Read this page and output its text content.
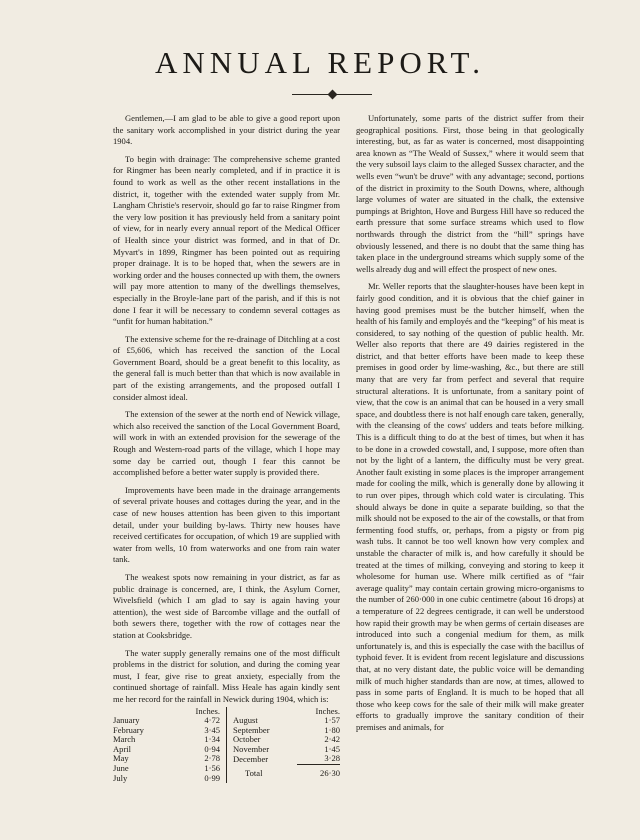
ANNUAL REPORT.

Gentlemen,—I am glad to be able to give a good report upon the sanitary work accomplished in your district during the year 1904.

To begin with drainage: The comprehensive scheme granted for Ringmer has been nearly completed, and if in practice it is found to work as well as the other recent installations in the district, it, together with the extended water supply from Mr. Langham Christie's reservoir, should go far to raise Ringmer from the very low position it has previously held from a sanitary point of view, for in nearly every annual report of the Medical Officer of Health since your district was formed, and in that of Dr. Myvart's in 1899, Ringmer has been pointed out as requiring proper drainage. It is to be hoped that, when the sewers are in working order and the houses connected up with them, the owners will pay more attention to many of the dwellings themselves, especially in the Broyle-lane part of the parish, and if this is not done I fear it will be necessary to condemn several cottages as “unfit for human habitation.”

The extensive scheme for the re-drainage of Ditchling at a cost of £5,606, which has received the sanction of the Local Government Board, should be a great benefit to this locality, as the general fall is much better than that which is now available in part of the existing arrangements, and the proposed outfall I consider almost ideal.

The extension of the sewer at the north end of Newick village, which also received the sanction of the Local Government Board, will work in with an extended provision for the sewerage of the Rough and Western-road parts of the village, which I hope may some day be carried out, though I fear this cannot be accomplished before a better water supply is provided there.

Improvements have been made in the drainage arrangements of several private houses and cottages during the year, and in the case of new houses attention has been given to this important detail, under your building by-laws. Thirty new houses have received certificates for occupation, of which 19 are supplied with water from wells, 10 from waterworks and one from rain water tank.

The weakest spots now remaining in your district, as far as public drainage is concerned, are, I think, the Asylum Corner, Wivelsfield (which I am glad to say is again having your attention), the west side of Barcombe village and the outfall of both sewers there, together with the row of cottages near the station at Cooksbridge.

The water supply generally remains one of the most difficult problems in the district for solution, and during the coming year must, I fear, give rise to great anxiety, especially from the continued shortage of rainfall. Miss Heale has again kindly sent me her record for the rainfall in Newick during 1904, which is:

	Inches.
January	4·72
February	3·45
March	1·34
April	0·94
May	2·78
June	1·56
July	0·99
	Inches.
August	1·57
September	1·80
October	2·42
November	1·45
December	3·28

Total	26·30

Unfortunately, some parts of the district suffer from their geographical positions. First, those being in that geologically interesting, but, as far as water is concerned, most disappointing area known as “The Weald of Sussex,” where it would seem that the very subsoil lays claim to the alleged Sussex character, and the wells even “wun't be druve” with any advantage; second, portions of the district in proximity to the South Downs, where, although large volumes of water are situated in the chalk, the extensive pumpings at Brighton, Hove and Burgess Hill have so reduced the earth pressure that some surface streams which used to flow northwards through the district from the “hill” springs have obviously lessened, and there is no doubt that the same thing has taken place in the underground streams which supply some of the wells already dug and will effect the prospect of new ones.

Mr. Weller reports that the slaughter-houses have been kept in fairly good condition, and it is obvious that the chief gainer in having good premises must be the butcher himself, when the health of his family and employés and the “keeping” of his meat is considered, to say nothing of the question of public health. Mr. Weller also reports that there are 49 dairies registered in the district, and that better efforts have been made to keep these premises in good order by lime-washing, &c., but there are still many that are very far from perfect and several that require structural alterations. It is unfortunate, from a sanitary point of view, that the cow is an animal that can be housed in a very small space, and doubtless there is not half enough care taken, generally, with the cleansing of the cows' udders and teats before milking. This is a difficult thing to do at the best of times, but when it has to be done in a crowded cowstall, and, I suppose, more often than not by the light of a lantern, the difficulty must be very great. Another fault existing in some places is the improper arrangement made for cooling the milk, which is generally done by allowing it to run over pipes, through which cold water is circulating. This should always be done in quite a separate building, so that the milk should not be exposed to the air of the cowstalls, or that from fermenting food stuffs, or, perhaps, from a pigsty or from pig wash tubs. It cannot be too well known how very complex and unstable the character of milk is, and how carefully it should be treated at the times of milking, conveying and storing to keep it wholesome for human use. Where milk certified as of “fair average quality” may contain certain growing micro-organisms to the number of 260·000 in one cubic centimetre (about 16 drops) at a temperature of 22 degrees centigrade, it can well be understood how rapid their growth may be when germs of certain diseases are introduced into such a congenial medium for them, as milk unfortunately is, and this is especially the case with the bacillus of typhoid fever. It is evident from recent legislature and discussions that, at no very distant date, the public voice will be demanding milk of much higher standards than are now, at times, allowed to pass in some parts of England. It is much to be hoped that all those who keep cows for the sale of their milk will make greater efforts to gradually improve the sanitary condition of their premises and animals, for
